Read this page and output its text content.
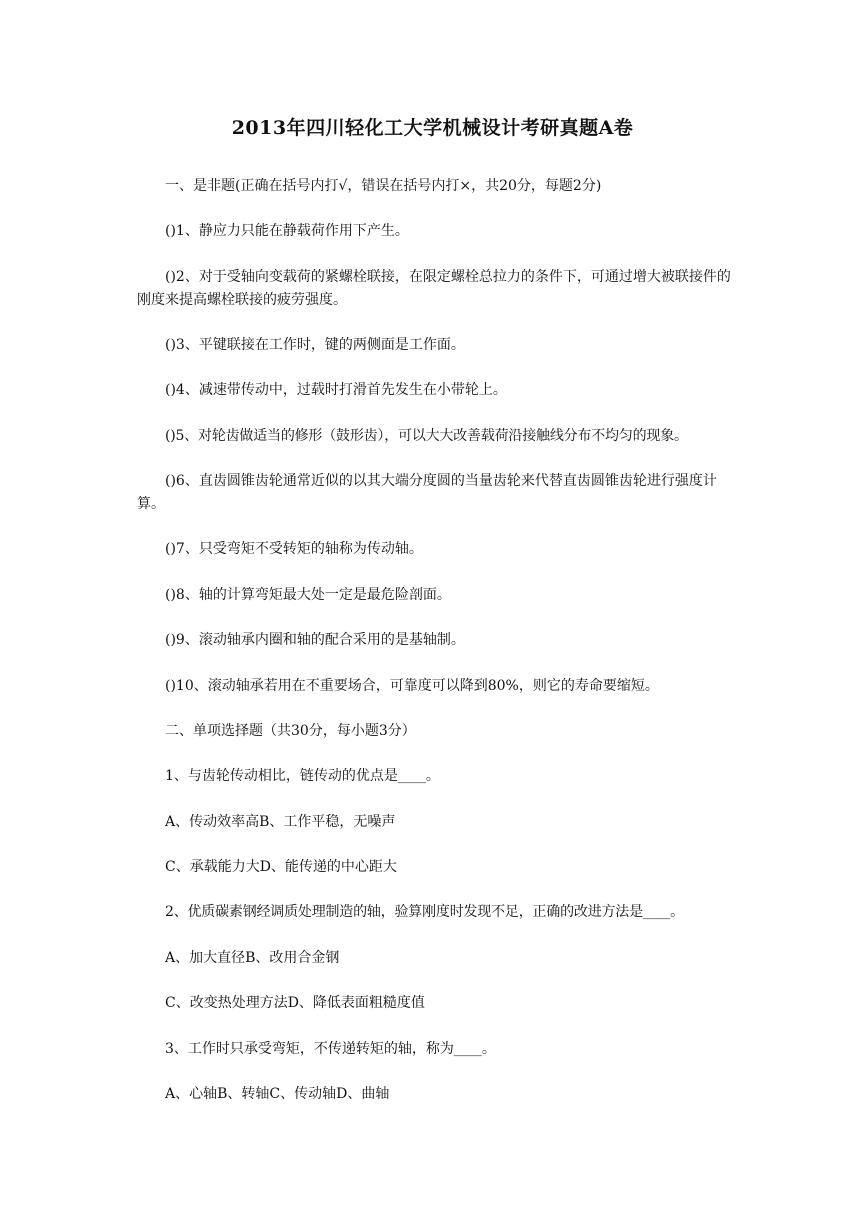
2013年四川轻化工大学机械设计考研真题A卷
一、是非题(正确在括号内打√，错误在括号内打×，共20分，每题2分)
()1、静应力只能在静载荷作用下产生。
()2、对于受轴向变载荷的紧螺栓联接，在限定螺栓总拉力的条件下，可通过增大被联接件的刚度来提高螺栓联接的疲劳强度。
()3、平键联接在工作时，键的两侧面是工作面。
()4、减速带传动中，过载时打滑首先发生在小带轮上。
()5、对轮齿做适当的修形（鼓形齿），可以大大改善载荷沿接触线分布不均匀的现象。
()6、直齿圆锥齿轮通常近似的以其大端分度圆的当量齿轮来代替直齿圆锥齿轮进行强度计算。
()7、只受弯矩不受转矩的轴称为传动轴。
()8、轴的计算弯矩最大处一定是最危险剖面。
()9、滚动轴承内圈和轴的配合采用的是基轴制。
()10、滚动轴承若用在不重要场合，可靠度可以降到80%，则它的寿命要缩短。
二、单项选择题（共30分，每小题3分）
1、与齿轮传动相比，链传动的优点是____。
A、传动效率高B、工作平稳，无噪声
C、承载能力大D、能传递的中心距大
2、优质碳素钢经调质处理制造的轴，验算刚度时发现不足，正确的改进方法是____。
A、加大直径B、改用合金钢
C、改变热处理方法D、降低表面粗糙度值
3、工作时只承受弯矩，不传递转矩的轴，称为____。
A、心轴B、转轴C、传动轴D、曲轴
